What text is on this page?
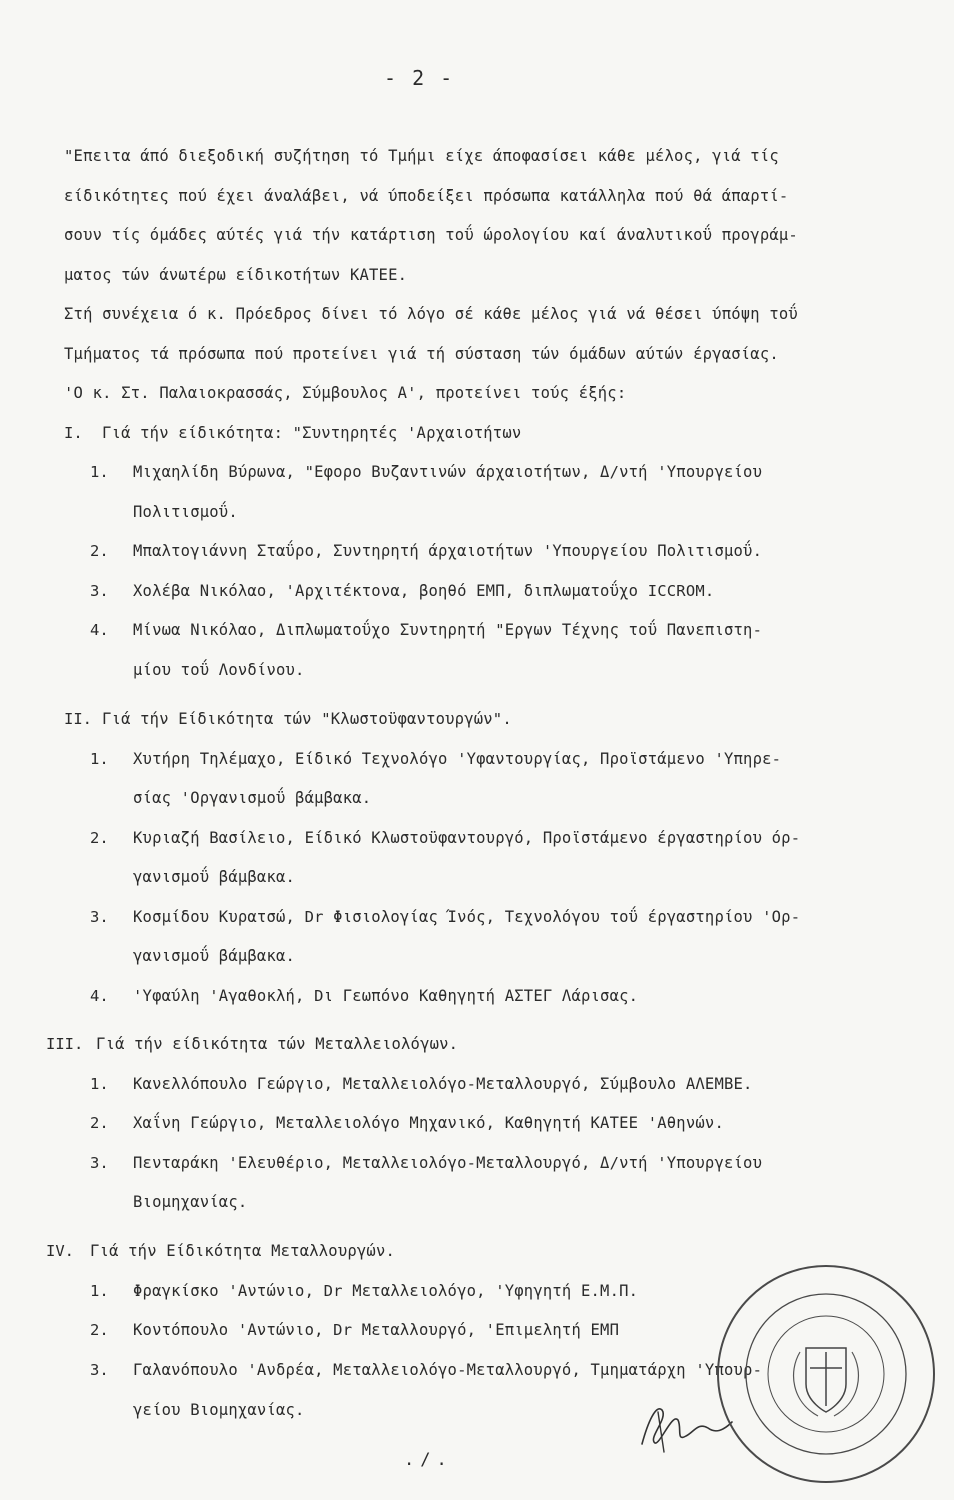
- 2 -
"Επειτα άπό διεξοδική συζήτηση τό Τμήμι είχε άποφασίσει κάθε μέλος, γιά τίς
είδικότητες πού έχει άναλάβει, νά ύποδείξει πρόσωπα κατάλληλα πού θά άπαρτί-
σουν τίς όμάδες αύτές γιά τήν κατάρτιση τοΰ ώρολογίου καί άναλυτικοΰ προγράμ-
ματος τών άνωτέρω είδικοτήτων ΚΑΤΕΕ.
Στή συνέχεια ό κ. Πρόεδρος δίνει τό λόγο σέ κάθε μέλος γιά νά θέσει ύπόψη τοΰ
Τμήματος τά πρόσωπα πού προτείνει γιά τή σύσταση τών όμάδων αύτών έργασίας.
'Ο κ. Στ. Παλαιοκρασσάς, Σύμβουλος Α', προτείνει τούς έξής:
I. Γιά τήν είδικότητα: "Συντηρητές 'Αρχαιοτήτων
1. Μιχαηλίδη Βύρωνα, "Εφορο Βυζαντινών άρχαιοτήτων, Δ/ντή 'Υπουργείου
Πολιτισμοΰ.
2. Μπαλτογιάννη Σταΰρο, Συντηρητή άρχαιοτήτων 'Υπουργείου Πολιτισμοΰ.
3. Χολέβα Νικόλαο, 'Αρχιτέκτονα, βοηθό ΕΜΠ, διπλωματοΰχο ICCROM.
4. Μίνωα Νικόλαο, Διπλωματοΰχο Συντηρητή "Εργων Τέχνης τοΰ Πανεπιστη-
μίου τοΰ Λονδίνου.
II. Γιά τήν Είδικότητα τών "Κλωστοϋφαντουργών".
1. Χυτήρη Τηλέμαχο, Είδικό Τεχνολόγο 'Υφαντουργίας, Προϊστάμενο 'Υπηρε-
σίας 'Οργανισμοΰ βάμβακα.
2. Κυριαζή Βασίλειο, Είδικό Κλωστοϋφαντουργό, Προϊστάμενο έργαστηρίου όρ-
γανισμοΰ βάμβακα.
3. Κοσμίδου Κυρατσώ, Dr Φισιολογίας Ίνός, Τεχνολόγου τοΰ έργαστηρίου 'Ορ-
γανισμοΰ βάμβακα.
4. 'Υφαύλη 'Αγαθοκλή, Dι Γεωπόνο Καθηγητή ΑΣΤΕΓ Λάρισας.
III. Γιά τήν είδικότητα τών Μεταλλειολόγων.
1. Κανελλόπουλο Γεώργιο, Μεταλλειολόγο-Μεταλλουργό, Σύμβουλο ΑΛΕΜΒΕ.
2. Χαΐνη Γεώργιο, Μεταλλειολόγο Μηχανικό, Καθηγητή ΚΑΤΕΕ 'Αθηνών.
3. Πενταράκη 'Ελευθέριο, Μεταλλειολόγο-Μεταλλουργό, Δ/ντή 'Υπουργείου
Βιομηχανίας.
IV. Γιά τήν Είδικότητα Μεταλλουργών.
1. Φραγκίσκο 'Αντώνιο, Dr Μεταλλειολόγο, 'Υφηγητή Ε.Μ.Π.
2. Κοντόπουλο 'Αντώνιο, Dr Μεταλλουργό, 'Επιμελητή ΕΜΠ
3. Γαλανόπουλο 'Ανδρέα, Μεταλλειολόγο-Μεταλλουργό, Τμηματάρχη 'Υπουρ-
γείου Βιομηχανίας.
./.
